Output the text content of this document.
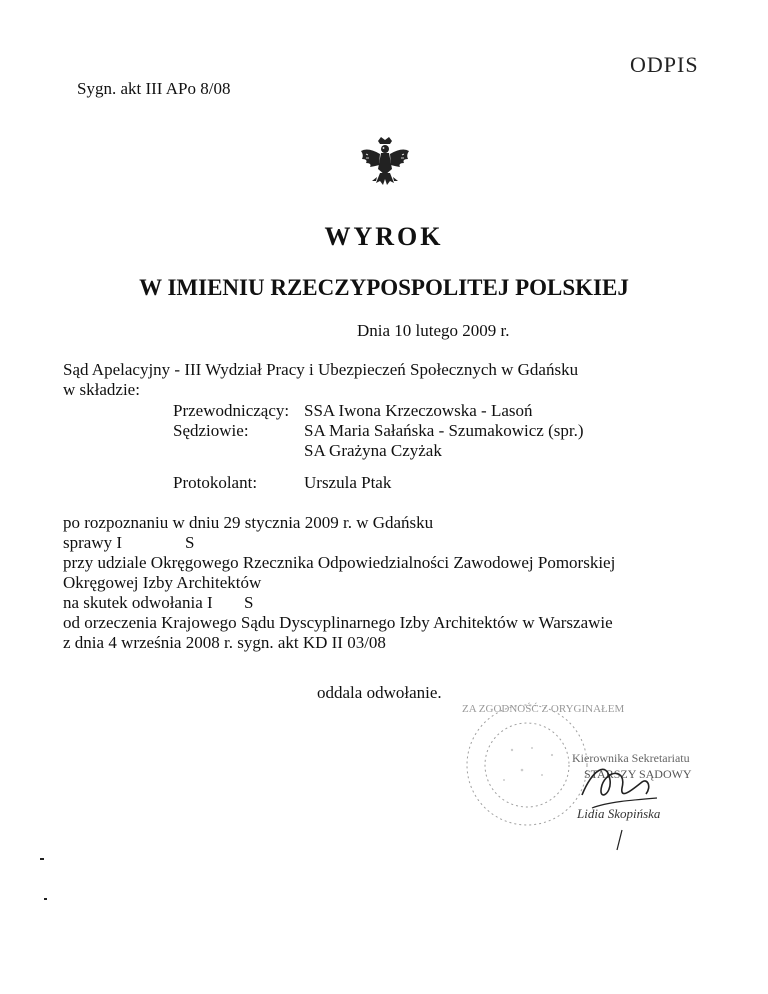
ODPIS
Sygn. akt III APo 8/08
WYROK
W IMIENIU RZECZYPOSPOLITEJ POLSKIEJ
Dnia 10 lutego 2009 r.
Sąd Apelacyjny - III Wydział Pracy i Ubezpieczeń Społecznych w Gdańsku
w składzie:
Przewodniczący: SSA Iwona Krzeczowska - Lasoń
Sędziowie:	SA Maria Sałańska - Szumakowicz (spr.)
SA Grażyna Czyżak
Protokolant:	Urszula Ptak
po rozpoznaniu w dniu 29 stycznia 2009 r. w Gdańsku
sprawy I	S
przy udziale Okręgowego Rzecznika Odpowiedzialności Zawodowej Pomorskiej
Okręgowej Izby Architektów
na skutek odwołania I S
od orzeczenia Krajowego Sądu Dyscyplinarnego Izby Architektów w Warszawie
z dnia 4 września 2008 r. sygn. akt KD II 03/08
oddala odwołanie.
ZA ZGODNOŚĆ Z ORYGINAŁEM
Kierownika Sekretariatu
STARSZY SĄDOWY
Lidia Skopińska
